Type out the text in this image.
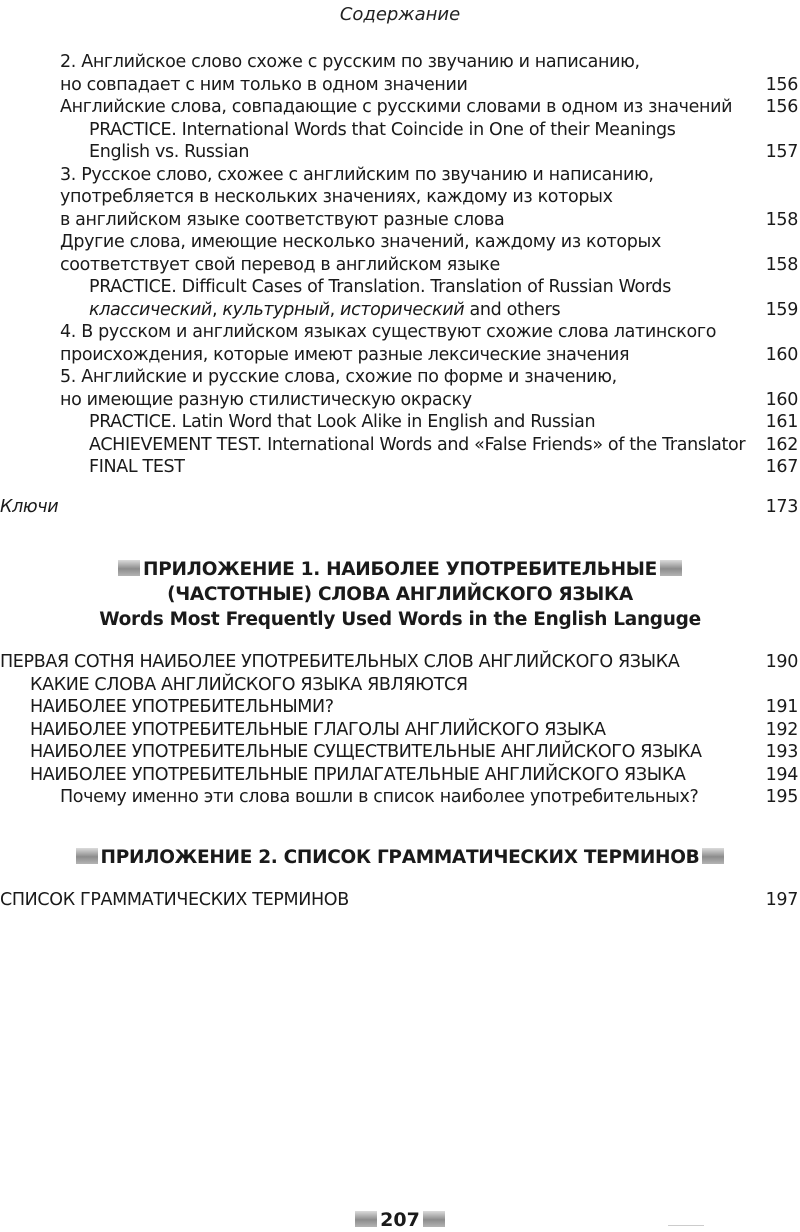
Содержание
2. Английское слово схоже с русским по звучанию и написанию,
но совпадает с ним только в одном значении	156
Английские слова, совпадающие с русскими словами в одном из значений 156
PRACTICE. International Words that Coincide in One of their Meanings
English vs. Russian	157
3. Русское слово, схожее с английским по звучанию и написанию,
употребляется в нескольких значениях, каждому из которых
в английском языке соответствуют разные слова	158
Другие слова, имеющие несколько значений, каждому из которых
соответствует свой перевод в английском языке	158
PRACTICE. Difficult Cases of Translation. Translation of Russian Words
классический, культурный, исторический and others	159
4. В русском и английском языках существуют схожие слова латинского
происхождения, которые имеют разные лексические значения	160
5. Английские и русские слова, схожие по форме и значению,
но имеющие разную стилистическую окраску	160
PRACTICE. Latin Word that Look Alike in English and Russian	161
ACHIEVEMENT TEST. International Words and «False Friends» of the Translator 162
FINAL TEST	167
Ключи	173
ПРИЛОЖЕНИЕ 1. НАИБОЛЕЕ УПОТРЕБИТЕЛЬНЫЕ
(ЧАСТОТНЫЕ) СЛОВА АНГЛИЙСКОГО ЯЗЫКА
Words Most Frequently Used Words in the English Languge
ПЕРВАЯ СОТНЯ НАИБОЛЕЕ УПОТРЕБИТЕЛЬНЫХ СЛОВ АНГЛИЙСКОГО ЯЗЫКА	190
КАКИЕ СЛОВА АНГЛИЙСКОГО ЯЗЫКА ЯВЛЯЮТСЯ
НАИБОЛЕЕ УПОТРЕБИТЕЛЬНЫМИ?	191
НАИБОЛЕЕ УПОТРЕБИТЕЛЬНЫЕ ГЛАГОЛЫ АНГЛИЙСКОГО ЯЗЫКА	192
НАИБОЛЕЕ УПОТРЕБИТЕЛЬНЫЕ СУЩЕСТВИТЕЛЬНЫЕ АНГЛИЙСКОГО ЯЗЫКА	193
НАИБОЛЕЕ УПОТРЕБИТЕЛЬНЫЕ ПРИЛАГАТЕЛЬНЫЕ АНГЛИЙСКОГО ЯЗЫКА	194
Почему именно эти слова вошли в список наиболее употребительных?	195
ПРИЛОЖЕНИЕ 2. СПИСОК ГРАММАТИЧЕСКИХ ТЕРМИНОВ
СПИСОК ГРАММАТИЧЕСКИХ ТЕРМИНОВ	197
207
